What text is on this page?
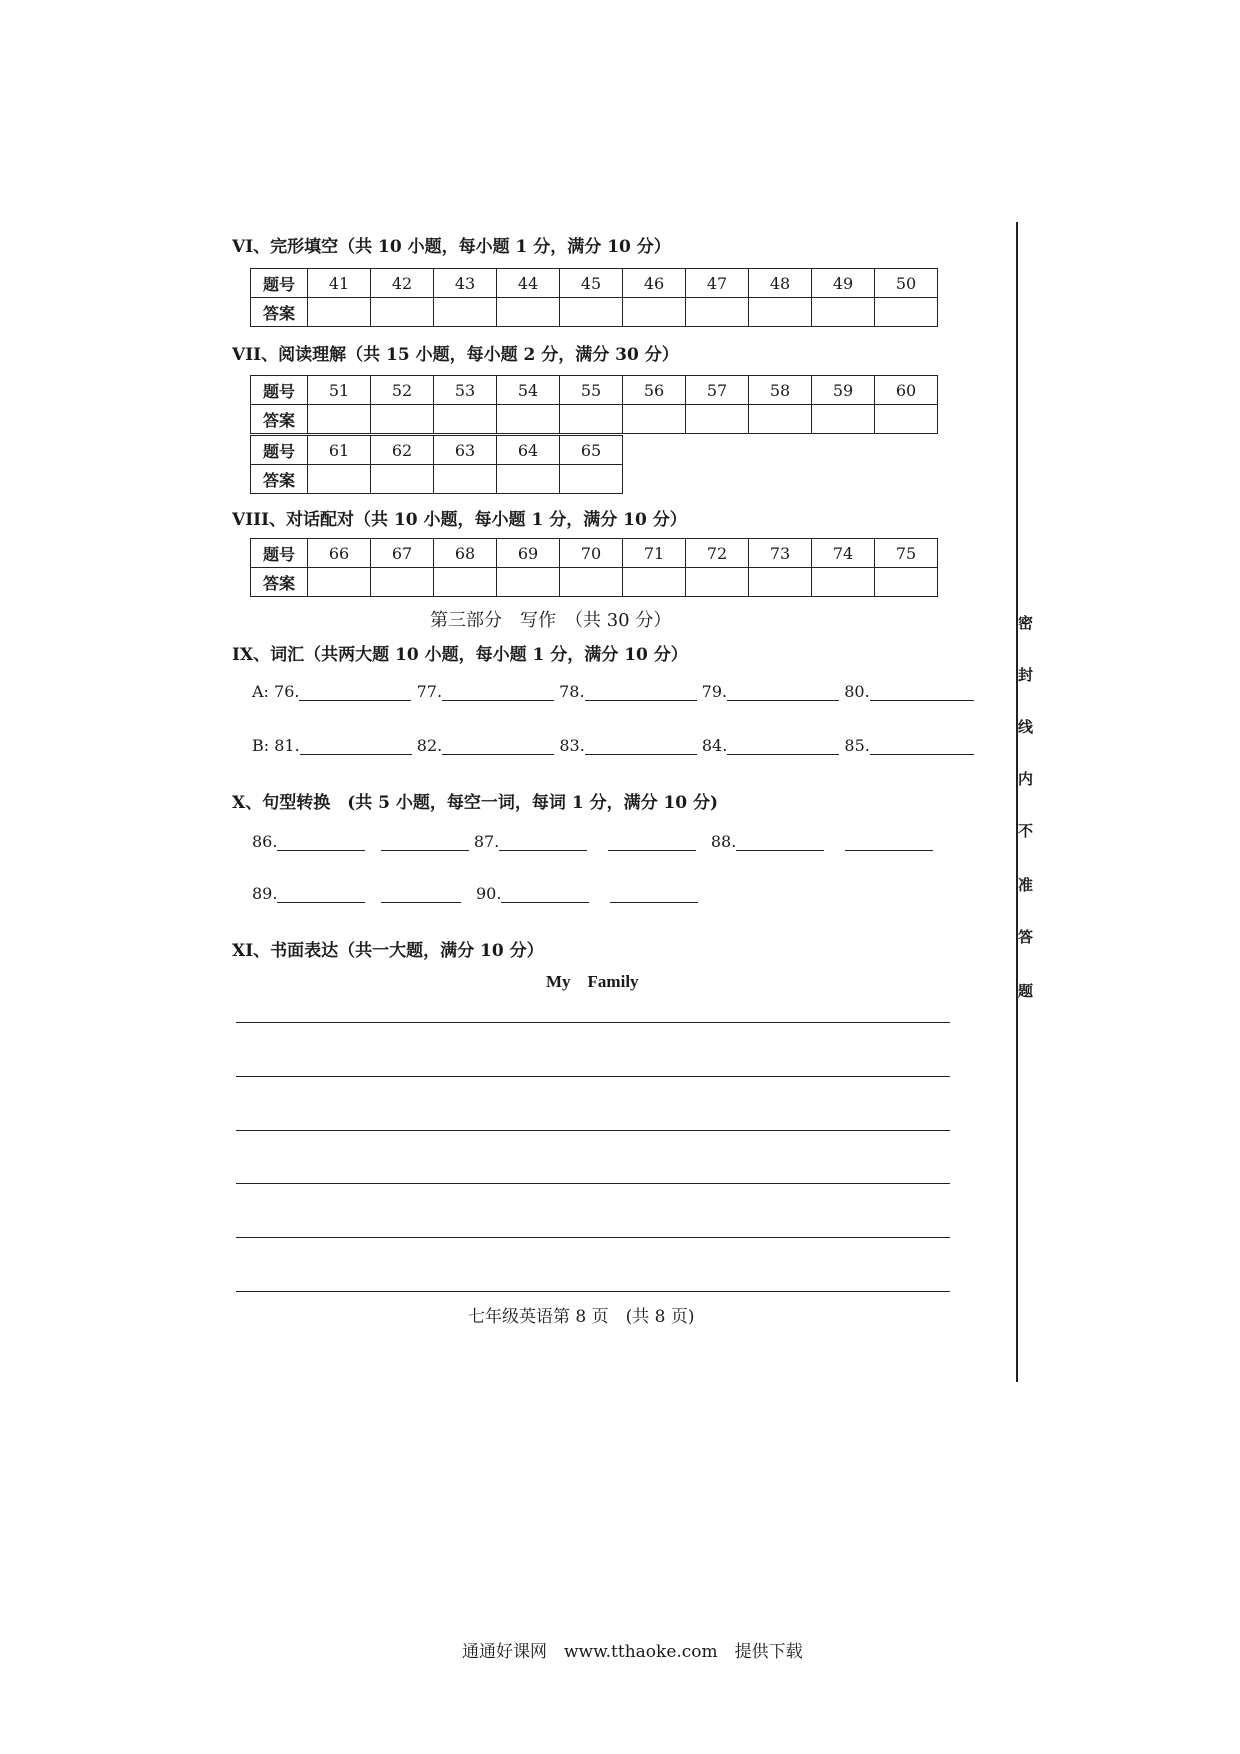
VI、完形填空（共 10 小题，每小题 1 分，满分 10 分）
题号	41	42	43	44	45	46	47	48	49	50
答案										
VII、阅读理解（共 15 小题，每小题 2 分，满分 30 分）
题号	51	52	53	54	55	56	57	58	59	60
答案										
题号	61	62	63	64	65
答案					
VIII、对话配对（共 10 小题，每小题 1 分，满分 10 分）
题号	66	67	68	69	70	71	72	73	74	75
答案										
第三部分　写作　（共 30 分）
IX、词汇（共两大题 10 小题，每小题 1 分，满分 10 分）
A: 76.	77.	78.	79.	80.
B: 81.	82.	83.	84.	85.
X、句型转换　(共 5 小题，每空一词，每词 1 分，满分 10 分)
86.	87.	88.
89.	90.
XI、书面表达（共一大题，满分 10 分）
My　Family
七年级英语第 8 页　(共 8 页)
密
封
线
内
不
准
答
题
通通好课网　www.tthaoke.com　提供下载
